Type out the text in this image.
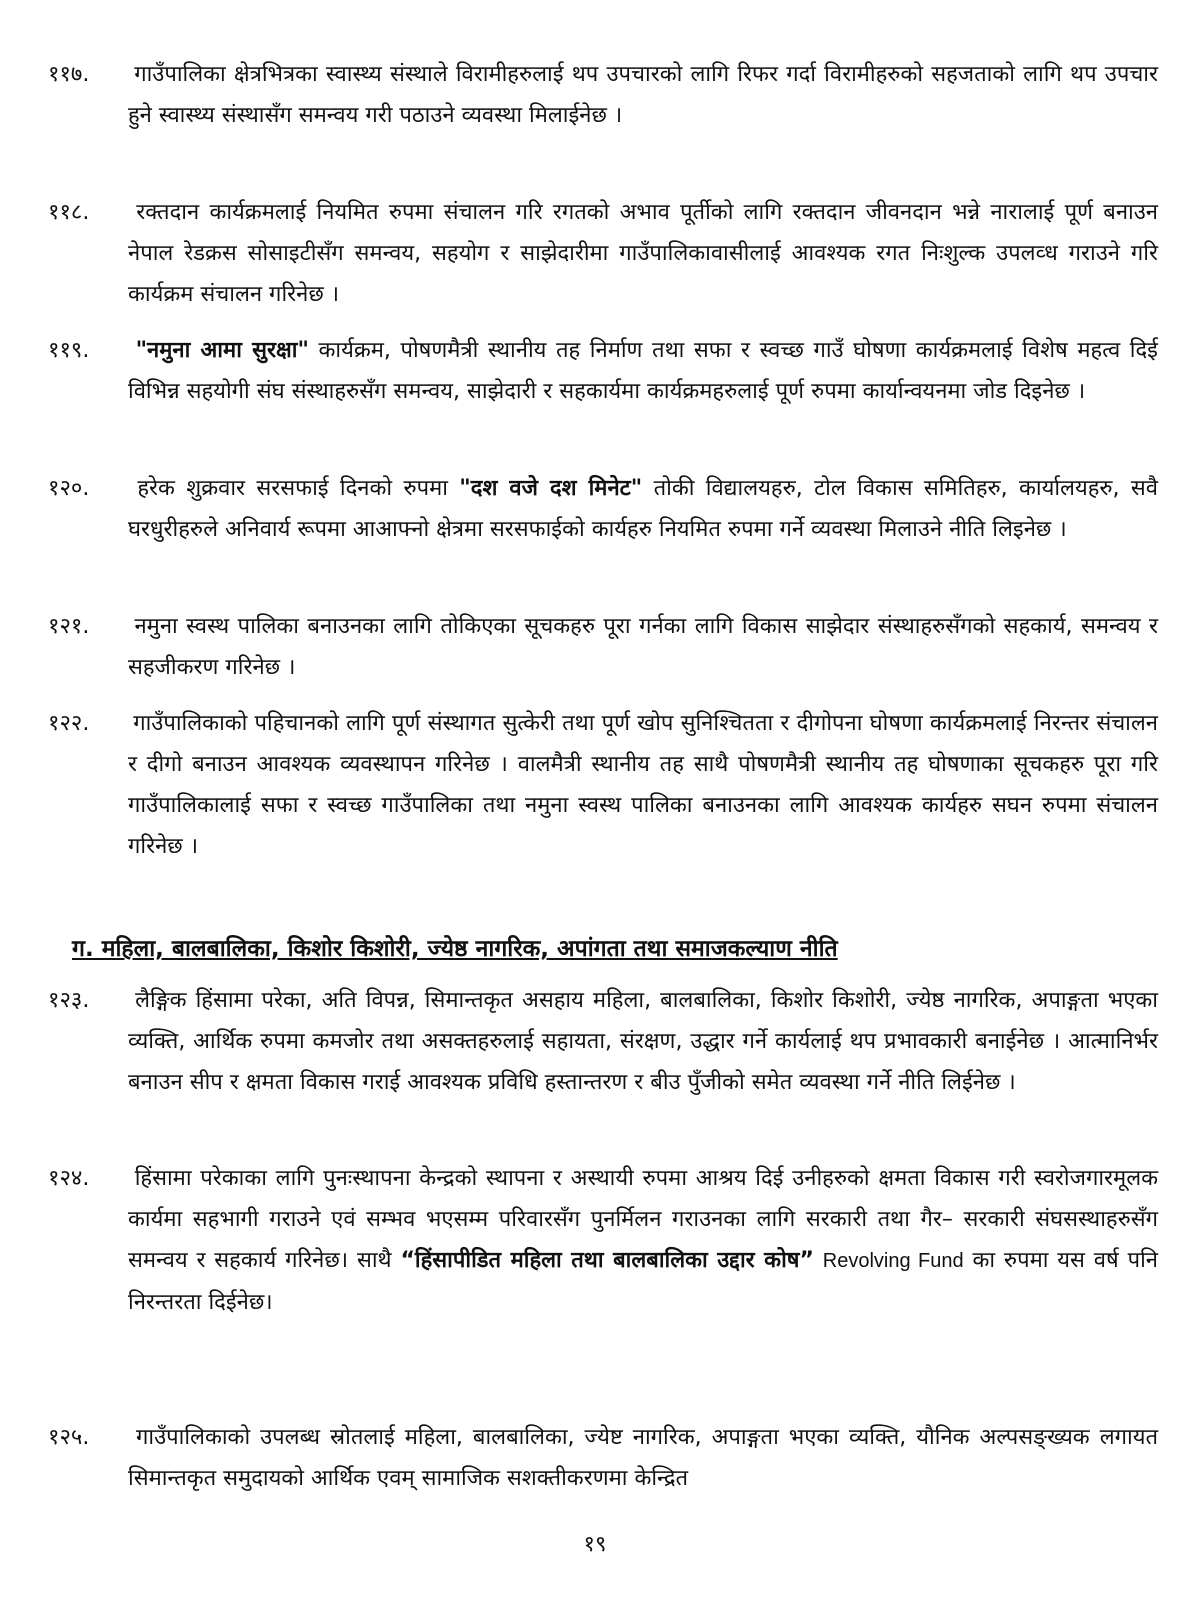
११७. गाउँपालिका क्षेत्रभित्रका स्वास्थ्य संस्थाले विरामीहरुलाई थप उपचारको लागि रिफर गर्दा विरामीहरुको सहजताको लागि थप उपचार हुने स्वास्थ्य संस्थासँग समन्वय गरी पठाउने व्यवस्था मिलाईनेछ ।

११८. रक्तदान कार्यक्रमलाई नियमित रुपमा संचालन गरि रगतको अभाव पूर्तीको लागि रक्तदान जीवनदान भन्ने नारालाई पूर्ण बनाउन नेपाल रेडक्रस सोसाइटीसँग समन्वय, सहयोग र साझेदारीमा गाउँपालिकावासीलाई आवश्यक रगत निःशुल्क उपलव्ध गराउने गरि कार्यक्रम संचालन गरिनेछ ।

११९. "नमुना आमा सुरक्षा" कार्यक्रम, पोषणमैत्री स्थानीय तह निर्माण तथा सफा र स्वच्छ गाउँ घोषणा कार्यक्रमलाई विशेष महत्व दिई विभिन्न सहयोगी संघ संस्थाहरुसँग समन्वय, साझेदारी र सहकार्यमा कार्यक्रमहरुलाई पूर्ण रुपमा कार्यान्वयनमा जोड दिइनेछ ।

१२०. हरेक शुक्रवार सरसफाई दिनको रुपमा "दश वजे दश मिनेट" तोकी विद्यालयहरु, टोल विकास समितिहरु, कार्यालयहरु, सवै घरधुरीहरुले अनिवार्य रूपमा आआफ्नो क्षेत्रमा सरसफाईको कार्यहरु नियमित रुपमा गर्ने व्यवस्था मिलाउने नीति लिइनेछ ।

१२१. नमुना स्वस्थ पालिका बनाउनका लागि तोकिएका सूचकहरु पूरा गर्नका लागि विकास साझेदार संस्थाहरुसँगको सहकार्य, समन्वय र सहजीकरण गरिनेछ ।

१२२. गाउँपालिकाको पहिचानको लागि पूर्ण संस्थागत सुत्केरी तथा पूर्ण खोप सुनिश्चितता र दीगोपना घोषणा कार्यक्रमलाई निरन्तर संचालन र दीगो बनाउन आवश्यक व्यवस्थापन गरिनेछ । वालमैत्री स्थानीय तह साथै पोषणमैत्री स्थानीय तह घोषणाका सूचकहरु पूरा गरि गाउँपालिकालाई सफा र स्वच्छ गाउँपालिका तथा नमुना स्वस्थ पालिका बनाउनका लागि आवश्यक कार्यहरु सघन रुपमा संचालन गरिनेछ ।

ग. महिला, बालबालिका, किशोर किशोरी, ज्येष्ठ नागरिक, अपांगता तथा समाजकल्याण नीति

१२३. लैङ्गिक हिंसामा परेका, अति विपन्न, सिमान्तकृत असहाय महिला, बालबालिका, किशोर किशोरी, ज्येष्ठ नागरिक, अपाङ्गता भएका व्यक्ति, आर्थिक रुपमा कमजोर तथा असक्तहरुलाई सहायता, संरक्षण, उद्धार गर्ने कार्यलाई थप प्रभावकारी बनाईनेछ । आत्मानिर्भर बनाउन सीप र क्षमता विकास गराई आवश्यक प्रविधि हस्तान्तरण र बीउ पुँजीको समेत व्यवस्था गर्ने नीति लिईनेछ ।

१२४. हिंसामा परेकाका लागि पुनःस्थापना केन्द्रको स्थापना र अस्थायी रुपमा आश्रय दिई उनीहरुको क्षमता विकास गरी स्वरोजगारमूलक कार्यमा सहभागी गराउने एवं सम्भव भएसम्म परिवारसँग पुनर्मिलन गराउनका लागि सरकारी तथा गैर– सरकारी संघसस्थाहरुसँग समन्वय र सहकार्य गरिनेछ। साथै “हिंसापीडित महिला तथा बालबालिका उद्दार कोष” Revolving Fund का रुपमा यस वर्ष पनि निरन्तरता दिईनेछ।

१२५. गाउँपालिकाको उपलब्ध स्रोतलाई महिला, बालबालिका, ज्येष्ट नागरिक, अपाङ्गता भएका व्यक्ति, यौनिक अल्पसङ्ख्यक लगायत सिमान्तकृत समुदायको आर्थिक एवम् सामाजिक सशक्तीकरणमा केन्द्रित

१९
